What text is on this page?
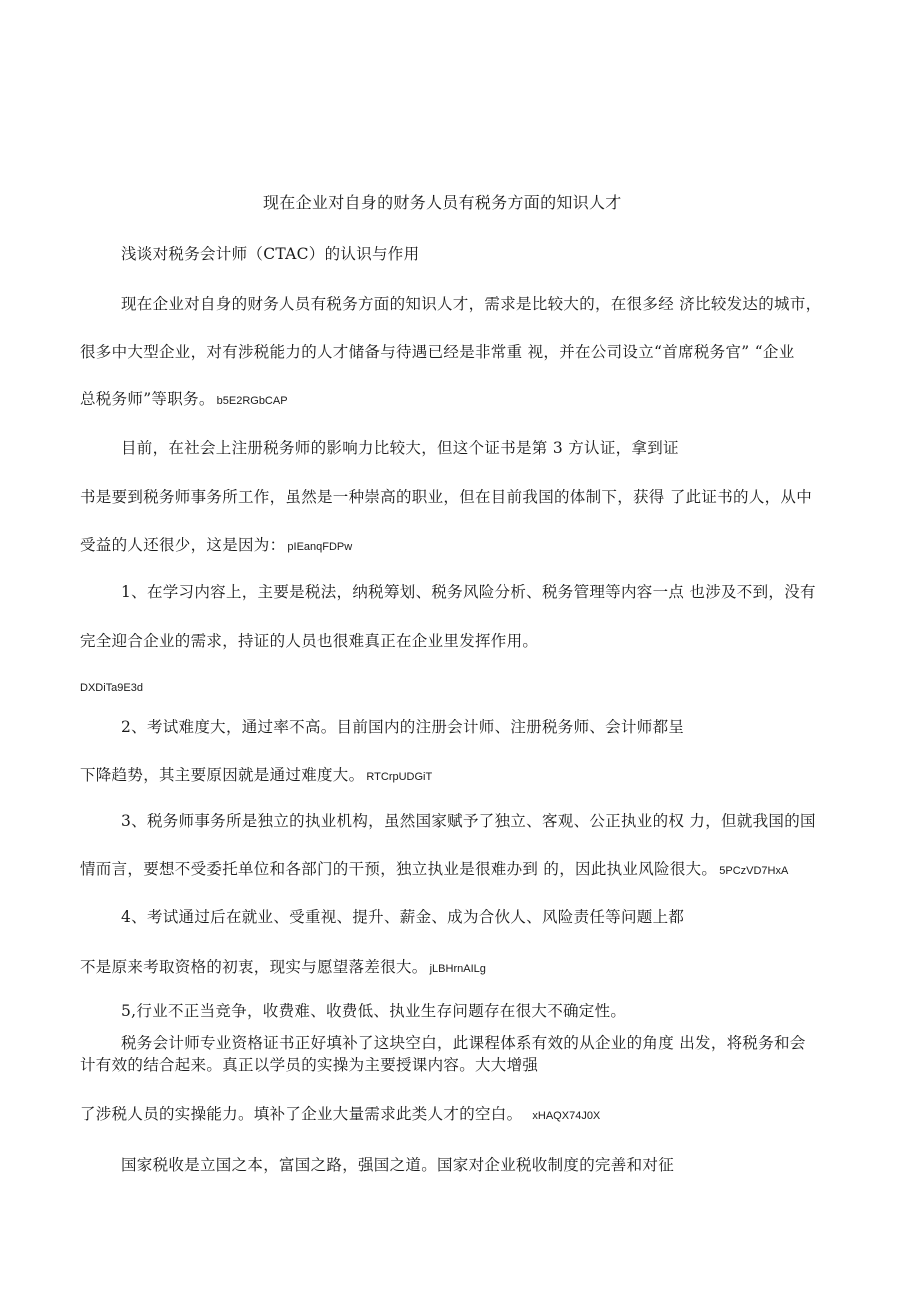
现在企业对自身的财务人员有税务方面的知识人才
浅谈对税务会计师（CTAC）的认识与作用
现在企业对自身的财务人员有税务方面的知识人才，需求是比较大的，在很多经 济比较发达的城市，
很多中大型企业，对有涉税能力的人才储备与待遇已经是非常重 视，并在公司设立“首席税务官” “企业
总税务师”等职务。 b5E2RGbCAP
目前，在社会上注册税务师的影响力比较大，但这个证书是第 3 方认证，拿到证
书是要到税务师事务所工作，虽然是一种崇高的职业，但在目前我国的体制下，获得 了此证书的人，从中
受益的人还很少，这是因为： pIEanqFDPw
1、在学习内容上，主要是税法，纳税筹划、税务风险分析、税务管理等内容一点 也涉及不到，没有
完全迎合企业的需求，持证的人员也很难真正在企业里发挥作用。
DXDiTa9E3d
2、考试难度大，通过率不高。目前国内的注册会计师、注册税务师、会计师都呈
下降趋势，其主要原因就是通过难度大。 RTCrpUDGiT
3、税务师事务所是独立的执业机构，虽然国家赋予了独立、客观、公正执业的权 力，但就我国的国
情而言，要想不受委托单位和各部门的干预，独立执业是很难办到 的，因此执业风险很大。 5PCzVD7HxA
4、考试通过后在就业、受重视、提升、薪金、成为合伙人、风险责任等问题上都
不是原来考取资格的初衷，现实与愿望落差很大。 jLBHrnAILg
5,行业不正当竞争，收费难、收费低、执业生存问题存在很大不确定性。
税务会计师专业资格证书正好填补了这块空白，此课程体系有效的从企业的角度 出发，将税务和会
计有效的结合起来。真正以学员的实操为主要授课内容。大大增强
了涉税人员的实操能力。填补了企业大量需求此类人才的空白。 xHAQX74J0X
国家税收是立国之本，富国之路，强国之道。国家对企业税收制度的完善和对征
